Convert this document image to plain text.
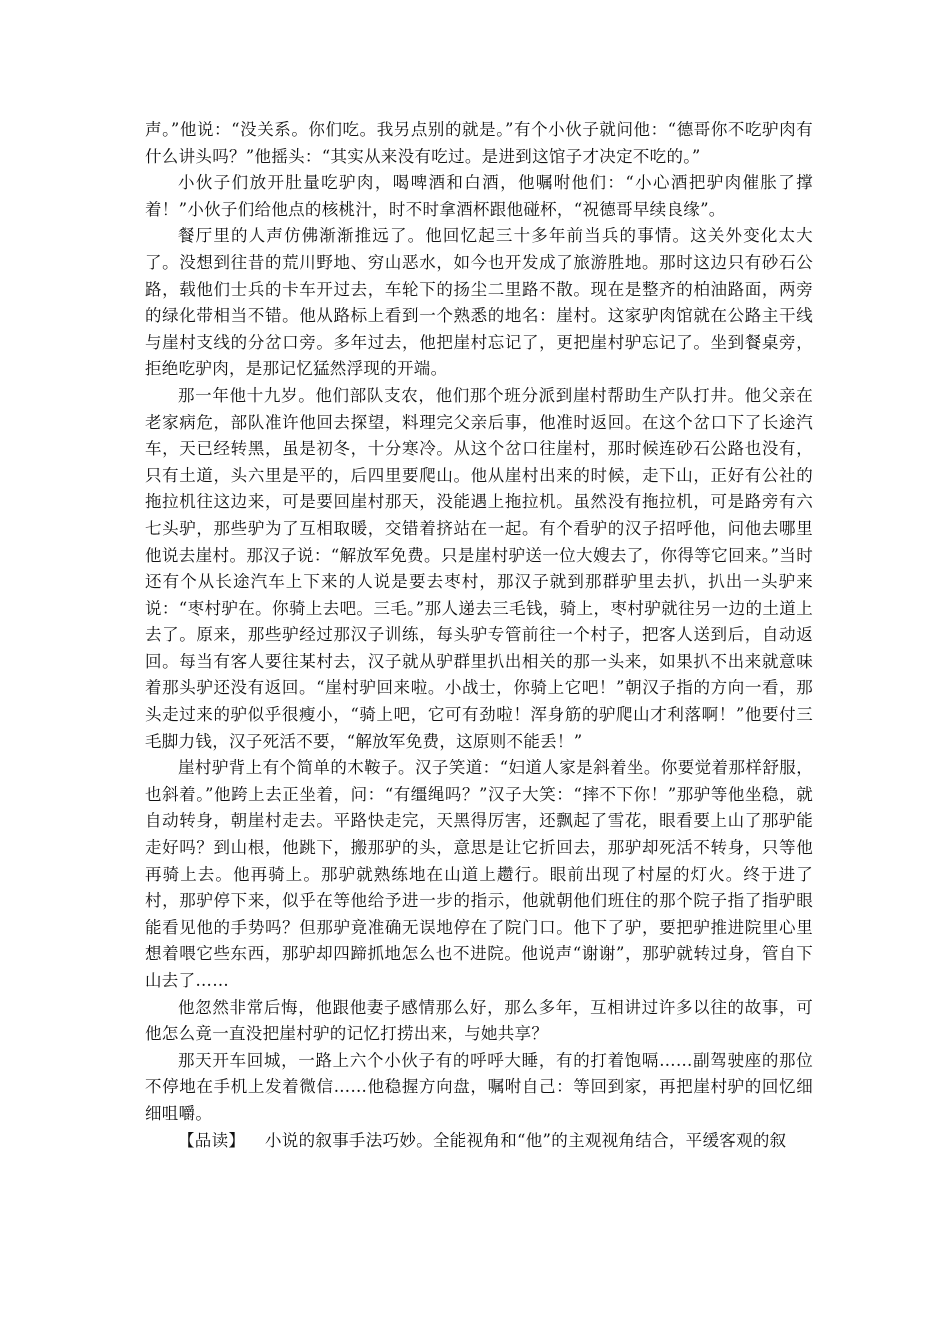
声。”他说：“没关系。你们吃。我另点别的就是。”有个小伙子就问他：“德哥你不吃驴肉有什么讲头吗？”他摇头：“其实从来没有吃过。是进到这馆子才决定不吃的。”

小伙子们放开肚量吃驴肉，喝啤酒和白酒，他嘱咐他们：“小心酒把驴肉催胀了撑着！”小伙子们给他点的核桃汁，时不时拿酒杯跟他碰杯，“祝德哥早续良缘”。

餐厅里的人声仿佛渐渐推远了。他回忆起三十多年前当兵的事情。这关外变化太大了。没想到往昔的荒川野地、穷山恶水，如今也开发成了旅游胜地。那时这边只有砂石公路，载他们士兵的卡车开过去，车轮下的扬尘二里路不散。现在是整齐的柏油路面，两旁的绿化带相当不错。他从路标上看到一个熟悉的地名：崖村。这家驴肉馆就在公路主干线与崖村支线的分岔口旁。多年过去，他把崖村忘记了，更把崖村驴忘记了。坐到餐桌旁，拒绝吃驴肉，是那记忆猛然浮现的开端。

那一年他十九岁。他们部队支农，他们那个班分派到崖村帮助生产队打井。他父亲在老家病危，部队准许他回去探望，料理完父亲后事，他准时返回。在这个岔口下了长途汽车，天已经转黑，虽是初冬，十分寒冷。从这个岔口往崖村，那时候连砂石公路也没有，只有土道，头六里是平的，后四里要爬山。他从崖村出来的时候，走下山，正好有公社的拖拉机往这边来，可是要回崖村那天，没能遇上拖拉机。虽然没有拖拉机，可是路旁有六七头驴，那些驴为了互相取暖，交错着挤站在一起。有个看驴的汉子招呼他，问他去哪里他说去崖村。那汉子说：“解放军免费。只是崖村驴送一位大嫂去了，你得等它回来。”当时还有个从长途汽车上下来的人说是要去枣村，那汉子就到那群驴里去扒，扒出一头驴来说：“枣村驴在。你骑上去吧。三毛。”那人递去三毛钱，骑上，枣村驴就往另一边的土道上去了。原来，那些驴经过那汉子训练，每头驴专管前往一个村子，把客人送到后，自动返回。每当有客人要往某村去，汉子就从驴群里扒出相关的那一头来，如果扒不出来就意味着那头驴还没有返回。“崖村驴回来啦。小战士，你骑上它吧！”朝汉子指的方向一看，那头走过来的驴似乎很瘦小，“骑上吧，它可有劲啦！浑身筋的驴爬山才利落啊！”他要付三毛脚力钱，汉子死活不要，“解放军免费，这原则不能丢！”

崖村驴背上有个简单的木鞍子。汉子笑道：“妇道人家是斜着坐。你要觉着那样舒服，也斜着。”他跨上去正坐着，问：“有缰绳吗？”汉子大笑：“摔不下你！”那驴等他坐稳，就自动转身，朝崖村走去。平路快走完，天黑得厉害，还飘起了雪花，眼看要上山了那驴能走好吗？到山根，他跳下，搬那驴的头，意思是让它折回去，那驴却死活不转身，只等他再骑上去。他再骑上。那驴就熟练地在山道上趱行。眼前出现了村屋的灯火。终于进了村，那驴停下来，似乎在等他给予进一步的指示，他就朝他们班住的那个院子指了指驴眼能看见他的手势吗？但那驴竟准确无误地停在了院门口。他下了驴，要把驴推进院里心里想着喂它些东西，那驴却四蹄抓地怎么也不进院。他说声“谢谢”，那驴就转过身，管自下山去了……

他忽然非常后悔，他跟他妻子感情那么好，那么多年，互相讲过许多以往的故事，可他怎么竟一直没把崖村驴的记忆打捞出来，与她共享？

那天开车回城，一路上六个小伙子有的呼呼大睡，有的打着饱嗝……副驾驶座的那位不停地在手机上发着微信……他稳握方向盘，嘱咐自己：等回到家，再把崖村驴的回忆细细咀嚼。

【品读】 小说的叙事手法巧妙。全能视角和“他”的主观视角结合，平缓客观的叙
